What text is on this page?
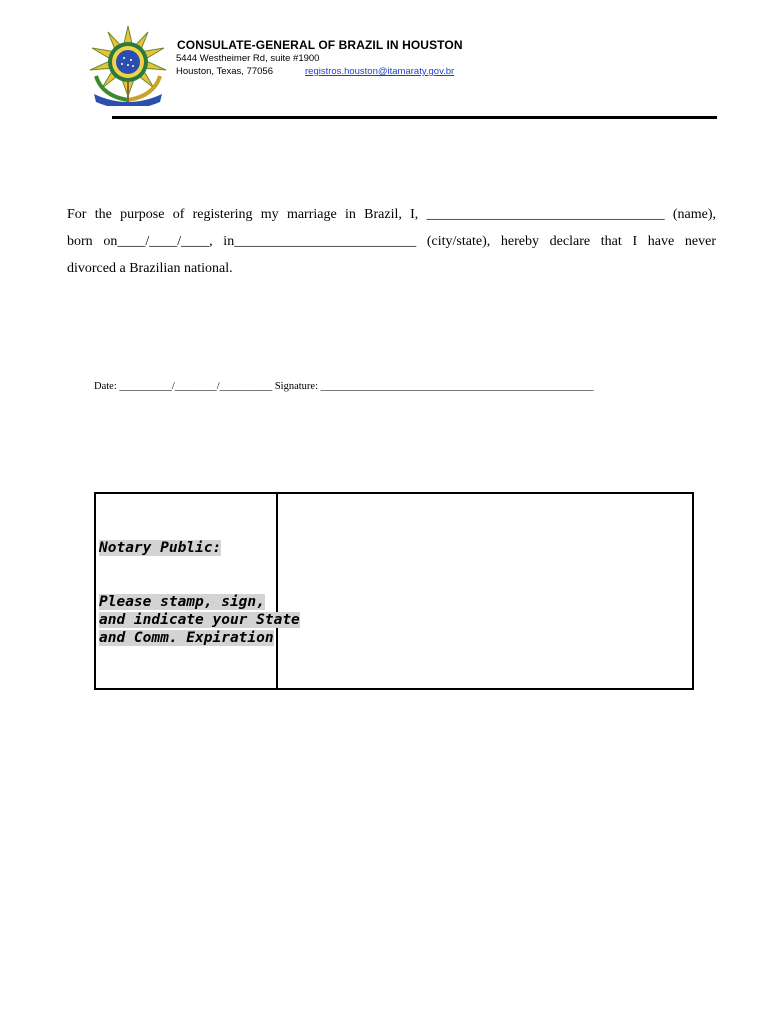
CONSULATE-GENERAL OF BRAZIL IN HOUSTON
5444 Westheimer Rd, suite #1900
Houston, Texas, 77056	registros.houston@itamaraty.gov.br
For the purpose of registering my marriage in Brazil, I, __________________________________ (name),
born on____/____/____, in__________________________ (city/state), hereby declare that I have never
divorced a Brazilian national.
Date: __________/________/__________ Signature: ____________________________________________________
Notary Public:
Please stamp, sign,
and indicate your State
and Comm. Expiration
